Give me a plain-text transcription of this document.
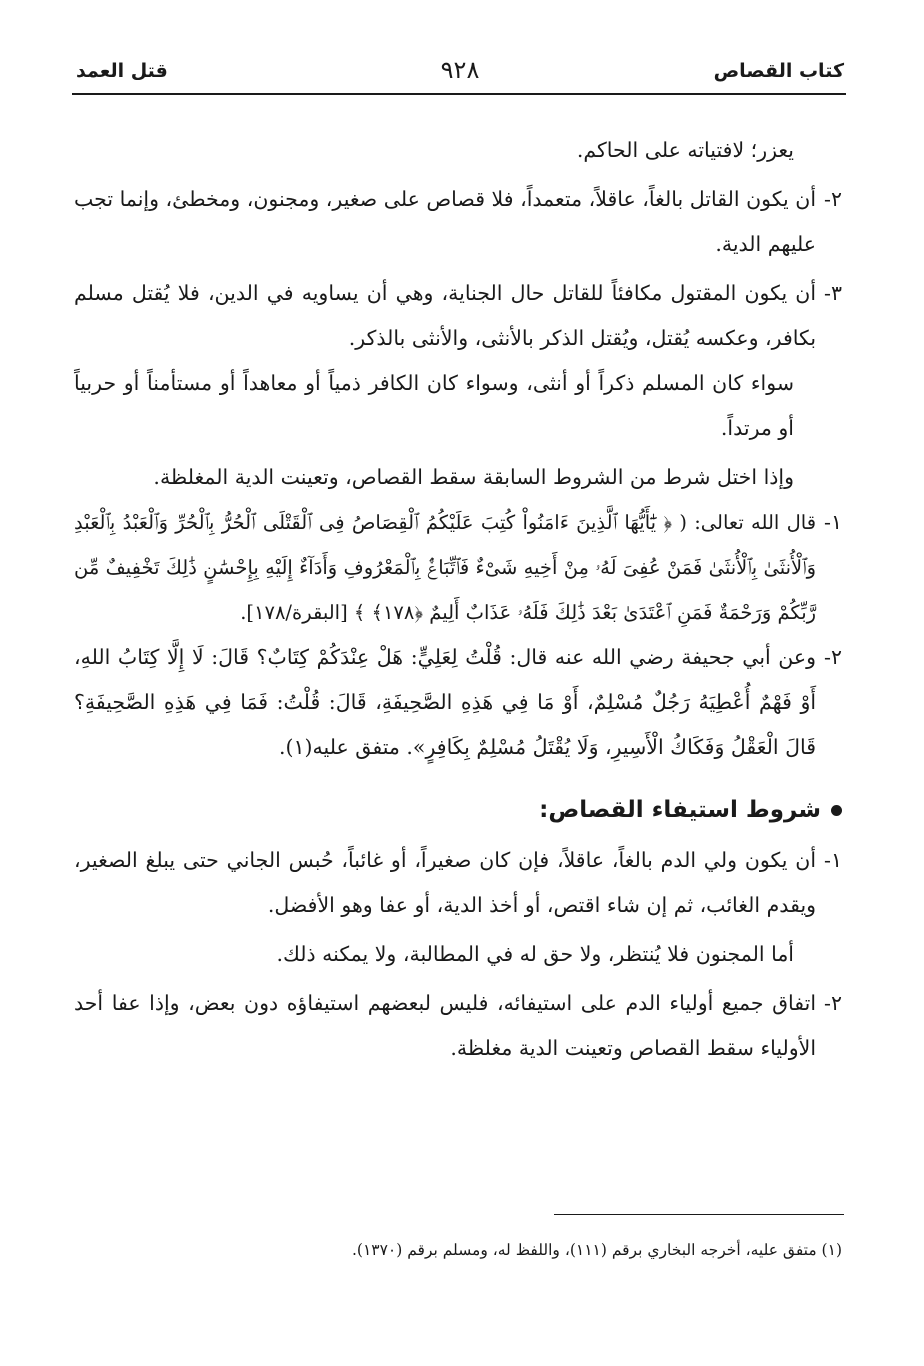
كتاب القصاص
٩٢٨
قتل العمد

يعزر؛ لافتياته على الحاكم.

٢-
أن يكون القاتل بالغاً، عاقلاً، متعمداً، فلا قصاص على صغير، ومجنون، ومخطئ، وإنما تجب عليهم الدية.
٣-
أن يكون المقتول مكافئاً للقاتل حال الجناية، وهي أن يساويه في الدين، فلا يُقتل مسلم بكافر، وعكسه يُقتل، ويُقتل الذكر بالأنثى، والأنثى بالذكر.

سواء كان المسلم ذكراً أو أنثى، وسواء كان الكافر ذمياً أو معاهداً أو مستأمناً أو حربياً أو مرتداً.

وإذا اختل شرط من الشروط السابقة سقط القصاص، وتعينت الدية المغلظة.

١-
قال الله تعالى: ( ﴿ يَٰٓأَيُّهَا ٱلَّذِينَ ءَامَنُواْ كُتِبَ عَلَيْكُمُ ٱلْقِصَاصُ فِى ٱلْقَتْلَى ٱلْحُرُّ بِٱلْحُرِّ وَٱلْعَبْدُ بِٱلْعَبْدِ وَٱلْأُنثَىٰ بِٱلْأُنثَىٰ فَمَنْ عُفِىَ لَهُۥ مِنْ أَخِيهِ شَىْءٌ فَٱتِّبَاعٌۢ بِٱلْمَعْرُوفِ وَأَدَآءٌ إِلَيْهِ بِإِحْسَٰنٍ ذَٰلِكَ تَخْفِيفٌ مِّن رَّبِّكُمْ وَرَحْمَةٌ فَمَنِ ٱعْتَدَىٰ بَعْدَ ذَٰلِكَ فَلَهُۥ عَذَابٌ أَلِيمٌ ﴿١٧٨﴾ ﴾ [البقرة/١٧٨].
٢-
وعن أبي جحيفة رضي الله عنه قال: قُلْتُ لِعَلِيٍّ: هَلْ عِنْدَكُمْ كِتَابٌ؟ قَالَ: لَا إِلَّا كِتَابُ اللهِ، أَوْ فَهْمٌ أُعْطِيَهُ رَجُلٌ مُسْلِمٌ، أَوْ مَا فِي هَذِهِ الصَّحِيفَةِ، قَالَ: قُلْتُ: فَمَا فِي هَذِهِ الصَّحِيفَةِ؟ قَالَ الْعَقْلُ وَفَكَاكُ الْأَسِيرِ، وَلَا يُقْتَلُ مُسْلِمٌ بِكَافِرٍ». متفق عليه(١).
شروط استيفاء القصاص:
١-
أن يكون ولي الدم بالغاً، عاقلاً، فإن كان صغيراً، أو غائباً، حُبس الجاني حتى يبلغ الصغير، ويقدم الغائب، ثم إن شاء اقتص، أو أخذ الدية، أو عفا وهو الأفضل.

أما المجنون فلا يُنتظر، ولا حق له في المطالبة، ولا يمكنه ذلك.

٢-
اتفاق جميع أولياء الدم على استيفائه، فليس لبعضهم استيفاؤه دون بعض، وإذا عفا أحد الأولياء سقط القصاص وتعينت الدية مغلظة.
(١) متفق عليه، أخرجه البخاري برقم (١١١)، واللفظ له، ومسلم برقم (١٣٧٠).
